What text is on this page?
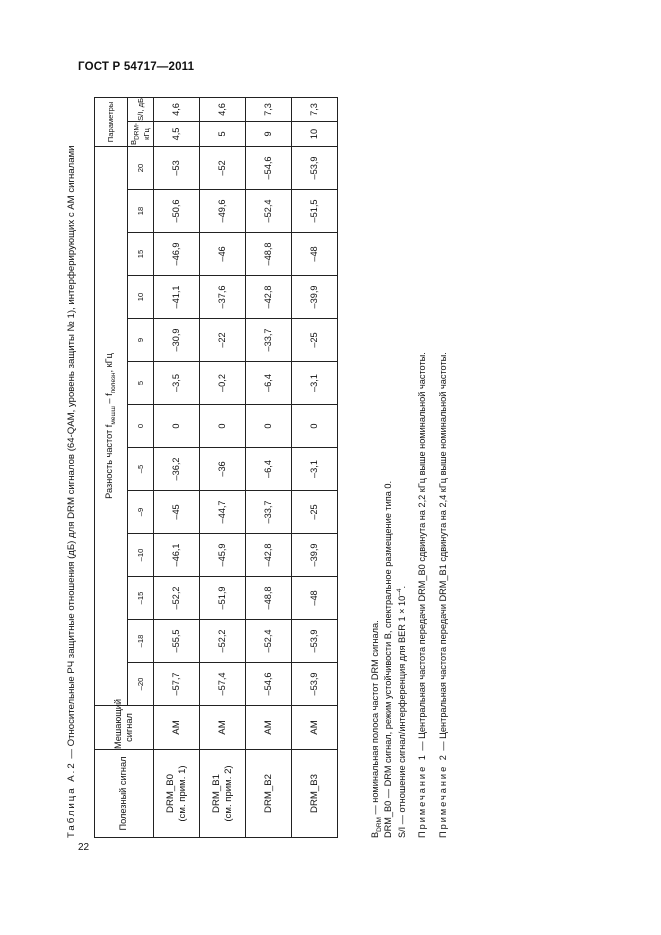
ГОСТ Р 54717—2011
Таблица А.2 — Относительные РЧ защитные отношения (дБ) для DRM сигналов (64-QAM, уровень защиты № 1), интерферирующих с АМ сигналами
Полезный сигнал	Мешающий сигнал	Разность частот $f_{мешш} - f_{полезн}$, кГц													Параметры	
		–20	–18	–15	–10	–9	–5	0	5	9	10	15	18	20	$B_{DRM}$, кГц	S/I, дБ

DRM_B0 (см. прим. 1)	АМ	–57,7	–55,5	–52,2	–46,1	–45	–36,2	0	–3,5	–30,9	–41,1	–46,9	–50,6	–53	4,5	4,6

DRM_B1 (см. прим. 2)	АМ	–57,4	–52,2	–51,9	–45,9	–44,7	–36	0	–0,2	–22	–37,6	–46	–49,6	–52	5	4,6

DRM_B2	АМ	–54,6	–52,4	–48,8	–42,8	–33,7	–6,4	0	–6,4	–33,7	–42,8	–48,8	–52,4	–54,6	9	7,3

DRM_B3	АМ	–53,9	–53,9	–48	–39,9	–25	–3,1	0	–3,1	–25	–39,9	–48	–51,5	–53,9	10	7,3
$B_{DRM}$ — номинальная полоса частот DRM сигнала. DRM_B0 — DRM сигнал, режим устойчивости B, спектральное размещение типа 0. S/I — отношение сигнал/интерференция для BER $1 \times 10^{-4}$.
Примечание 1 — Центральная частота передачи DRM_B0 сдвинута на 2,2 кГц выше номинальной частоты.
Примечание 2 — Центральная частота передачи DRM_B1 сдвинута на 2,4 кГц выше номинальной частоты.
22
